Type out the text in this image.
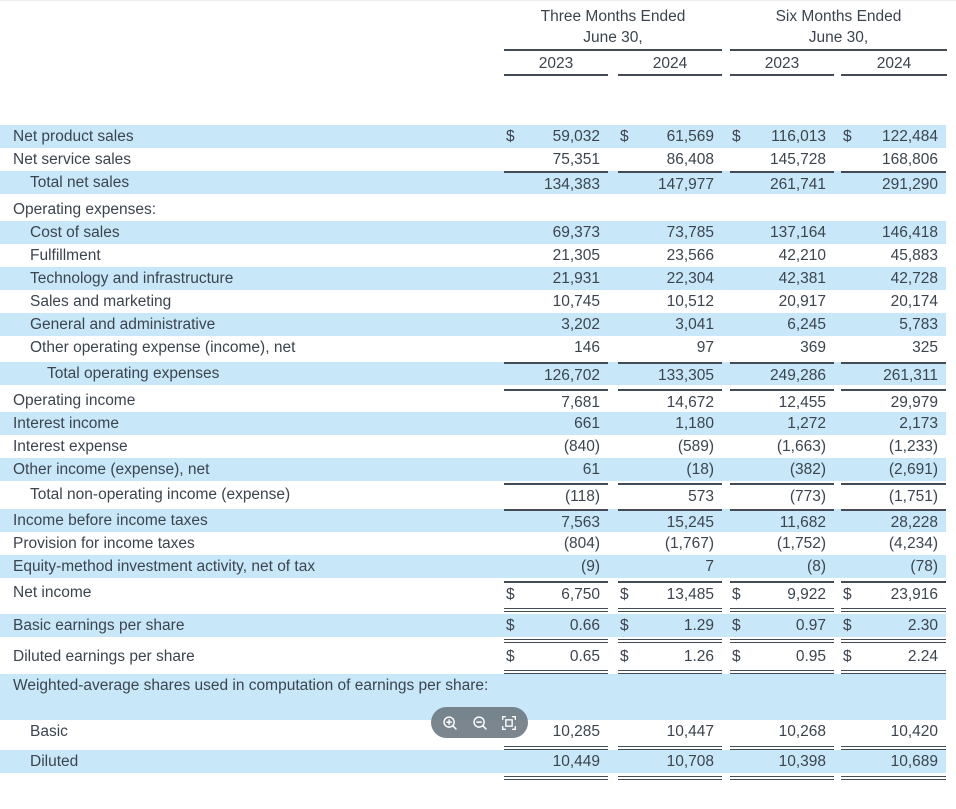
Three Months Ended
June 30,
2023	2024
Six Months Ended
June 30,
2023	2024
Net product sales	$	59,032 $	61,569 $	116,013 $	122,484
Net service sales	75,351	86,408	145,728	168,806
Total net sales	134,383	147,977	261,741	291,290
Operating expenses:
Cost of sales	69,373	73,785	137,164	146,418
Fulfillment	21,305	23,566	42,210	45,883
Technology and infrastructure	21,931	22,304	42,381	42,728
Sales and marketing	10,745	10,512	20,917	20,174
General and administrative	3,202	3,041	6,245	5,783
Other operating expense (income), net	146	97	369	325
Total operating expenses	126,702	133,305	249,286	261,311
Operating income	7,681	14,672	12,455	29,979
Interest income	661	1,180	1,272	2,173
Interest expense	(840)	(589)	(1,663)	(1,233)
Other income (expense), net	61	(18)	(382)	(2,691)
Total non-operating income (expense)	(118)	573	(773)	(1,751)
Income before income taxes	7,563	15,245	11,682	28,228
Provision for income taxes	(804)	(1,767)	(1,752)	(4,234)
Equity-method investment activity, net of tax	(9)	7	(8)	(78)
Net income	$	6,750 $	13,485 $	9,922 $	23,916
Basic earnings per share	$	0.66 $	1.29 $	0.97 $	2.30
Diluted earnings per share	$	0.65 $	1.26 $	0.95 $	2.24
Weighted-average shares used in computation of earnings per share:
Basic	10,285	10,447	10,268	10,420
Diluted	10,449	10,708	10,398	10,689
